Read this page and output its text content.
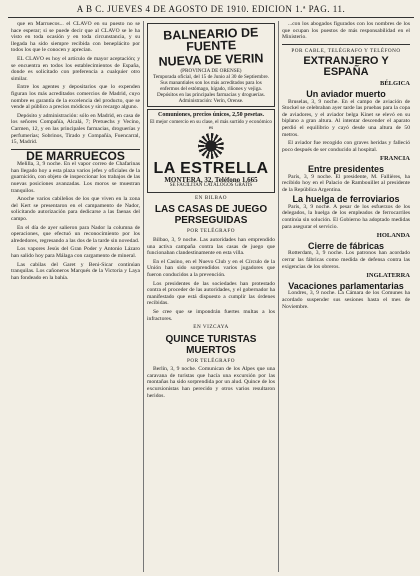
A B C. JUEVES 4 DE AGOSTO DE 1910. EDICION 1.ª PAG. 11.

que en Marruecos... el CLAVO en su puesto no se hace esperar; si se puede decir que al CLAVO se le ha visto en toda ocasión y en toda circunstancia, y su llegada ha sido siempre recibida con beneplácito por todos los que le conocen y aprecian.

EL CLAVO es hoy el artículo de mayor aceptación; y se encuentra en todos los establecimientos de España, donde es solicitado con preferencia a cualquier otro similar.

Entre los agentes y depositarios que lo expenden figuran los más acreditados comercios de Madrid, cuyo nombre es garantía de la excelencia del producto, que se vende al público a precios módicos y sin recargo alguno.

Depósito y administración: sólo en Madrid, en casa de los señores Compañía, Alcalá, 7; Pretuechs y Vecino, Carmen, 12, y en las principales farmacias, droguerías y perfumerías; Sobrinos, Tirado y Compañía, Fuencarral, 15, Madrid.

DE MARRUECOS

Melilla, 3, 9 noche. En el vapor correo de Chafarinas han llegado hoy a esta plaza varios jefes y oficiales de la guarnición, con objeto de inspeccionar los trabajos de las nuevas posiciones avanzadas. Los moros se muestran tranquilos.

Anoche varios cabileños de los que viven en la zona del Kert se presentaron en el campamento de Nador, solicitando autorización para dedicarse a las faenas del campo.

En el día de ayer salieron para Nador la columna de operaciones, que efectuó un reconocimiento por los alrededores, regresando a las dos de la tarde sin novedad.

Los vapores Jesús del Gran Poder y Antonio Lázaro han salido hoy para Málaga con cargamento de mineral.

Las cabilas del Garet y Beni-Sicar continúan tranquilas. Los cañoneros Marqués de la Victoria y Laya han fondeado en la bahía.

BALNEARIO DE FUENTE
NUEVA DE VERIN
(PROVINCIA DE ORENSE)
Temporada oficial, del 15 de Junio al 30 de Septiembre.
Sus manantiales son los más acreditados para los enfermos del estómago, hígado, riñones y vejiga. Depósitos en las principales farmacias y droguerías. Administración: Verín, Orense.
Comuniones, precios únicos, 2,50 pesetas.
El mejor comercio en su clase, el más surtido y económico es
LA ESTRELLA
MONTERA, 32. Teléfono 1.665
SE FACILITAN CATÁLOGOS GRATIS
EN BILBAO
LAS CASAS DE JUEGO PERSEGUIDAS
POR TELÉGRAFO

Bilbao, 3, 9 noche. Las autoridades han emprendido una activa campaña contra las casas de juego que funcionaban clandestinamente en esta villa.

En el Casino, en el Nuevo Club y en el Círculo de la Unión han sido sorprendidos varios jugadores que fueron conducidos a la prevención.

Los presidentes de las sociedades han protestado contra el proceder de las autoridades, y el gobernador ha manifestado que está dispuesto a cumplir las órdenes recibidas.

Se cree que se impondrán fuertes multas a los infractores.

EN VIZCAYA
QUINCE TURISTAS MUERTOS
POR TELÉGRAFO

Berlín, 3, 9 noche. Comunican de los Alpes que una caravana de turistas que hacía una excursión por las montañas ha sido sorprendida por un alud. Quince de los excursionistas han perecido y otros varios resultaron heridos.

...con los abogados figurados con los nombres de los que ocupan los puestos de más responsabilidad en el Ministerio.

POR CABLE, TELÉGRAFO Y TELÉFONO
EXTRANJERO Y ESPAÑA
BÉLGICA
Un aviador muerto

Bruselas, 3, 9 noche. En el campo de aviación de Stockel se celebraban ayer tarde las pruebas para la copa de aviadores, y el aviador belga Kinet se elevó en su biplano a gran altura. Al intentar descender el aparato perdió el equilibrio y cayó desde una altura de 50 metros.

El aviador fue recogido con graves heridas y falleció poco después de ser conducido al hospital.

FRANCIA
Entre presidentes

París, 3, 9 noche. El presidente, M. Fallières, ha recibido hoy en el Palacio de Rambouillet al presidente de la República Argentina.

La huelga de ferroviarios

París, 3, 9 noche. A pesar de los esfuerzos de los delegados, la huelga de los empleados de ferrocarriles continúa sin solución. El Gobierno ha adoptado medidas para asegurar el servicio.

HOLANDA
Cierre de fábricas

Rotterdam, 3, 9 noche. Los patronos han acordado cerrar las fábricas como medida de defensa contra las exigencias de los obreros.

INGLATERRA
Vacaciones parlamentarias

Londres, 3, 9 noche. La Cámara de los Comunes ha acordado suspender sus sesiones hasta el mes de Noviembre.
